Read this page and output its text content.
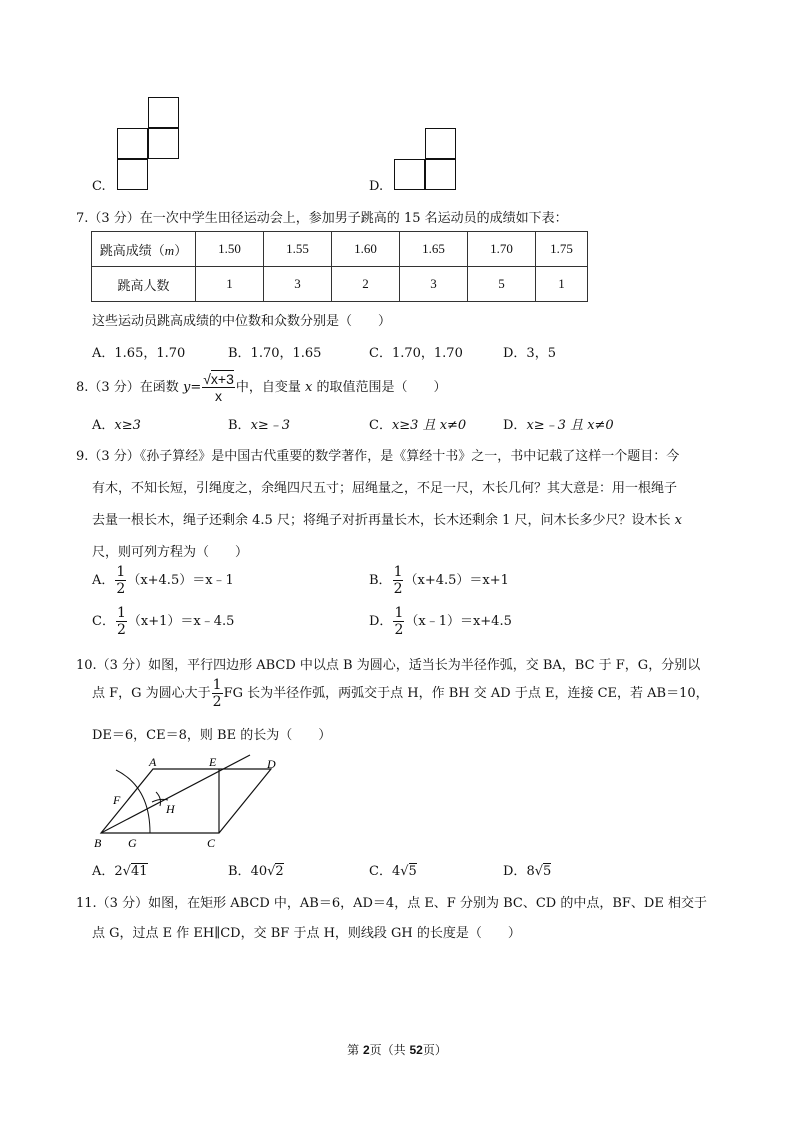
C.	D.
7.（3 分）在一次中学生田径运动会上，参加男子跳高的 15 名运动员的成绩如下表：
跳高成绩（m）	1.50	1.55	1.60	1.65	1.70	1.75
跳高人数	1	3	2	3	5	1
这些运动员跳高成绩的中位数和众数分别是（　　）
A．1.65，1.70	B．1.70，1.65	C．1.70，1.70	D．3，5
8.（3 分）在函数 $y= \frac{√x+3}{x}$ 中，自变量 x 的取值范围是（　　）
A．x≥3	B．x≥﹣3	C．x≥3 且 x≠0	D．x≥﹣3 且 x≠0
9.（3 分）《孙子算经》是中国古代重要的数学著作，是《算经十书》之一，书中记载了这样一个题目：今
有木，不知长短，引绳度之，余绳四尺五寸；屈绳量之，不足一尺，木长几何？其大意是：用一根绳子
去量一根长木，绳子还剩余 4.5 尺；将绳子对折再量长木，长木还剩余 1 尺，问木长多少尺？设木长 x
尺，则可列方程为（　　）
A． $\frac{1}{2}$ （x+4.5）＝x﹣1	B． $\frac{1}{2} (x+4.5)=x+1$
C． $\frac{1}{2}$ （x+1）＝x﹣4.5	D． $\frac{1}{2}$ （x﹣1）＝x+4.5
10.（3 分）如图，平行四边形 ABCD 中以点 B 为圆心，适当长为半径作弧，交 BA，BC 于 F，G，分别以
点 F，G 为圆心大于 $\frac{1}{2}$ FG 长为半径作弧，两弧交于点 H，作 BH 交 AD 于点 E，连接 CE，若 AB＝10，
DE＝6，CE＝8，则 BE 的长为（　　）
A	E	D
F
H
B G	C
A．2√41	B．40√2	C．4√5	D．8√5
11.（3 分）如图，在矩形 ABCD 中，AB＝6，AD＝4，点 E、F 分别为 BC、CD 的中点，BF、DE 相交于
点 G，过点 E 作 EH∥CD，交 BF 于点 H，则线段 GH 的长度是（　　）
第 2页（共 52页）
